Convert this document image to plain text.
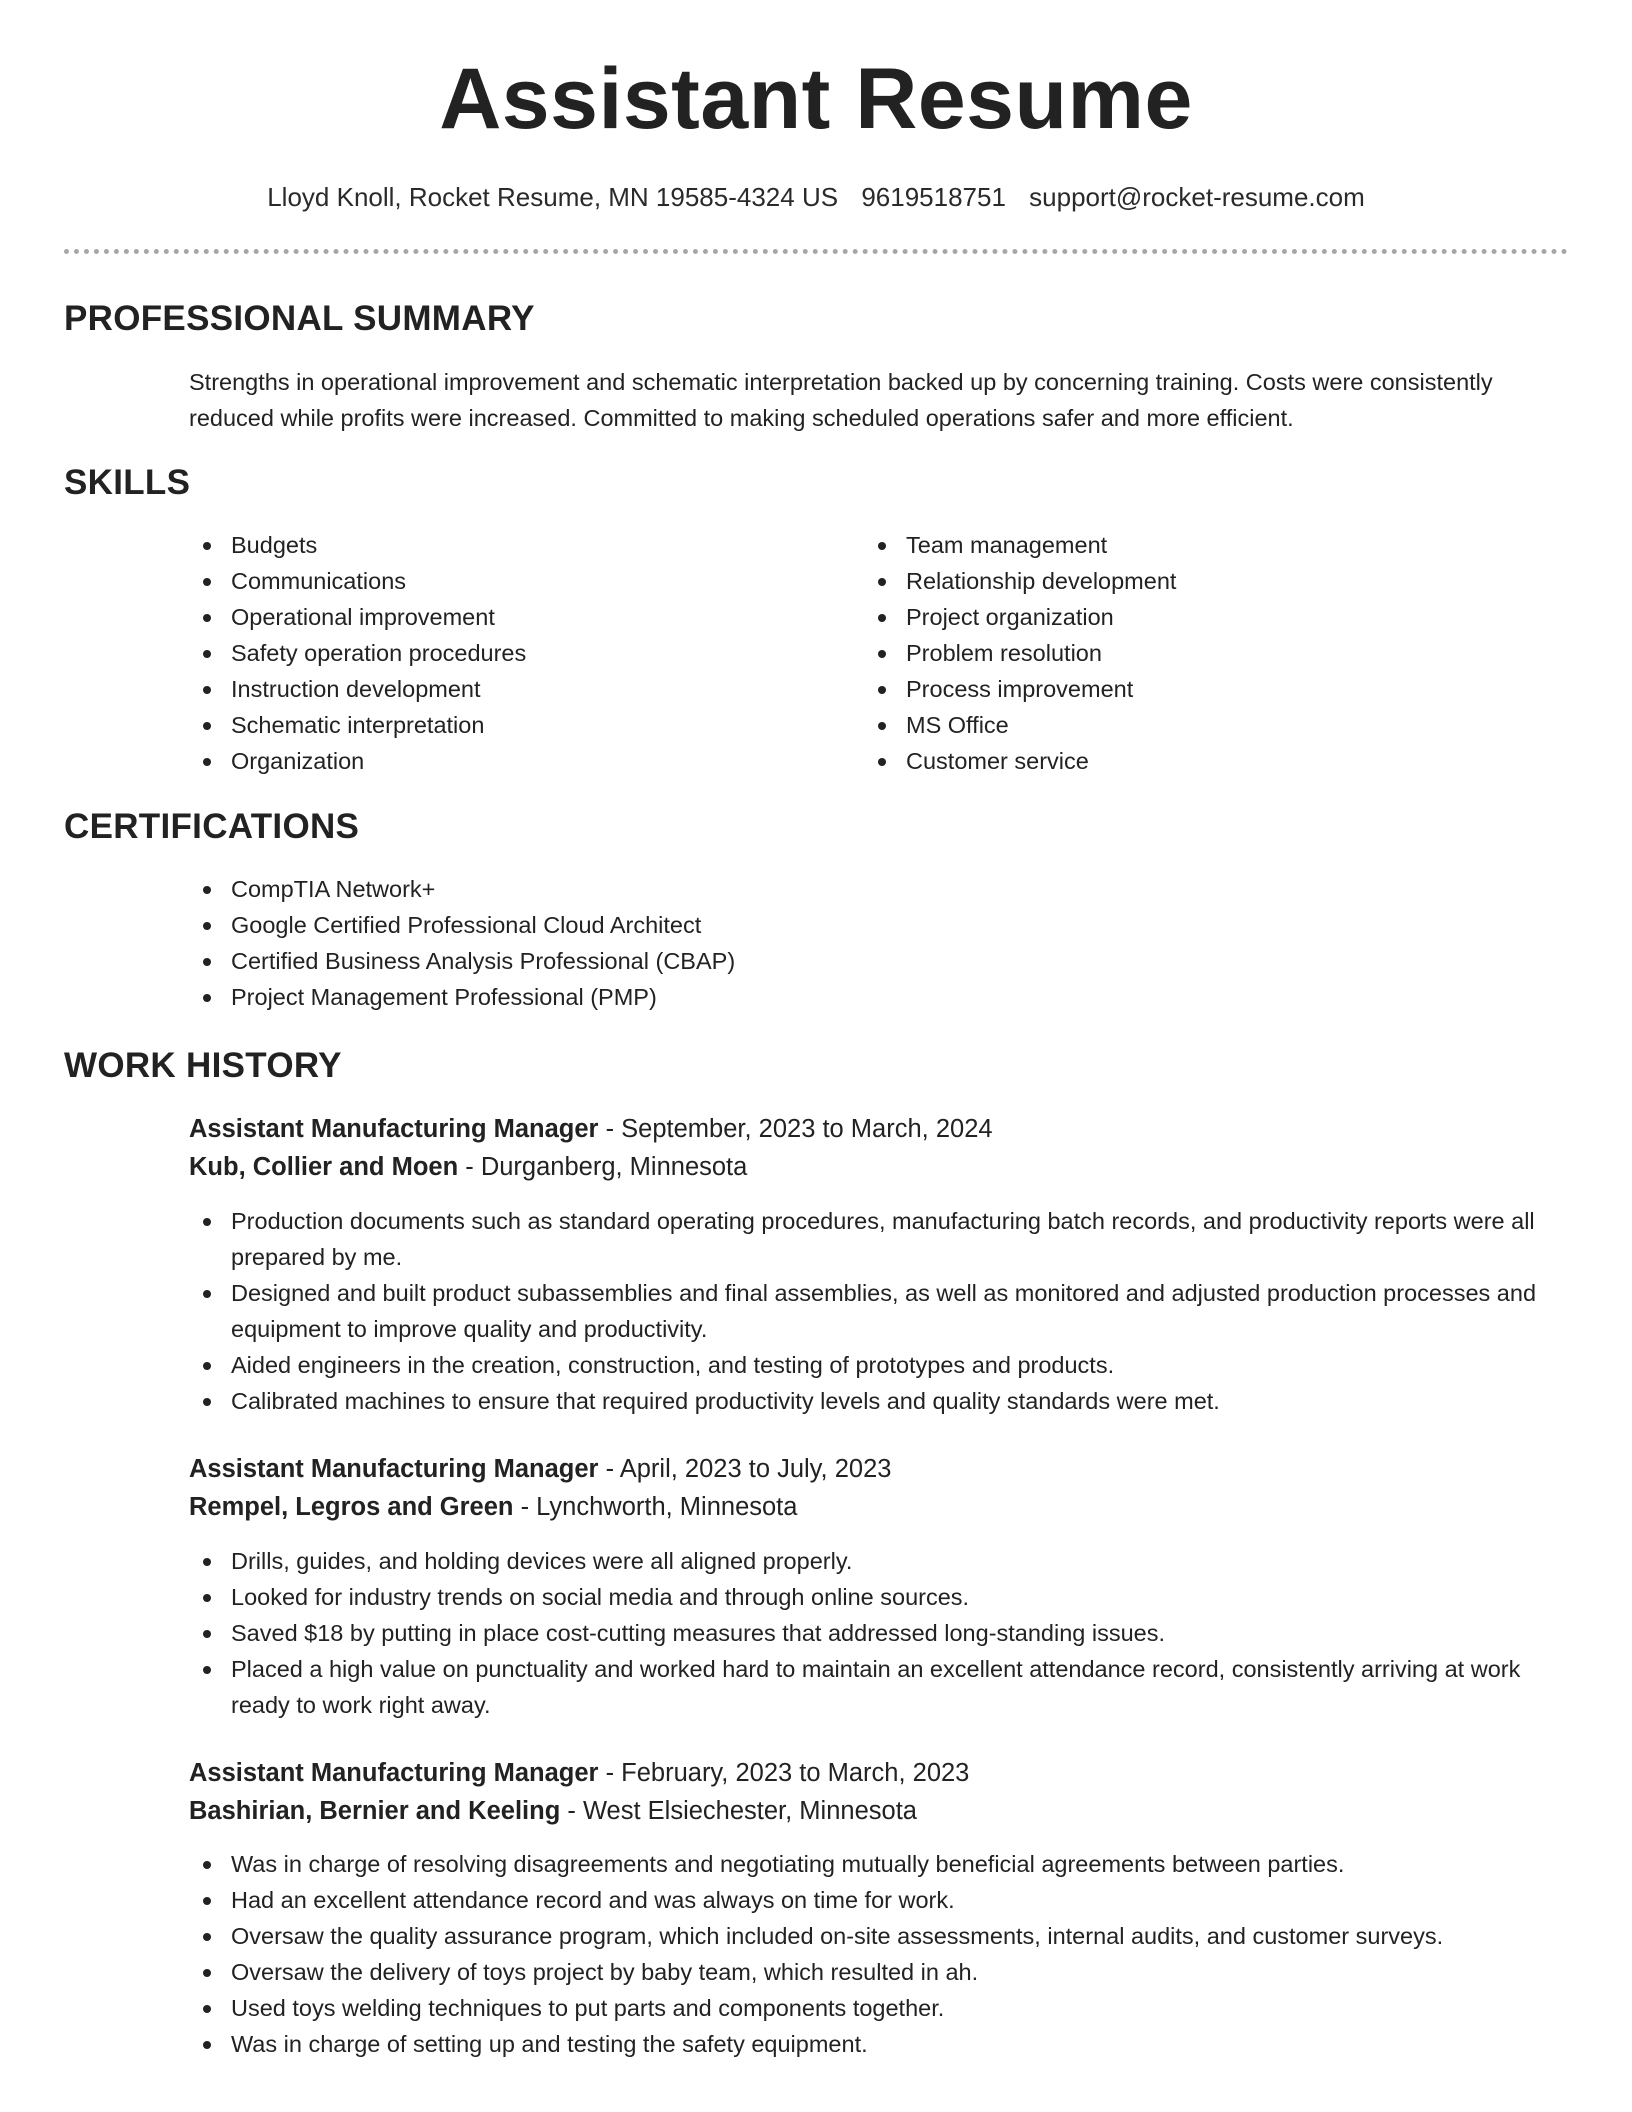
Assistant Resume
Lloyd Knoll, Rocket Resume, MN 19585-4324 US 9619518751 support@rocket-resume.com
PROFESSIONAL SUMMARY
Strengths in operational improvement and schematic interpretation backed up by concerning training. Costs were consistently reduced while profits were increased. Committed to making scheduled operations safer and more efficient.
SKILLS
Budgets
Communications
Operational improvement
Safety operation procedures
Instruction development
Schematic interpretation
Organization
Team management
Relationship development
Project organization
Problem resolution
Process improvement
MS Office
Customer service
CERTIFICATIONS
CompTIA Network+
Google Certified Professional Cloud Architect
Certified Business Analysis Professional (CBAP)
Project Management Professional (PMP)
WORK HISTORY
Assistant Manufacturing Manager - September, 2023 to March, 2024
Kub, Collier and Moen - Durganberg, Minnesota
Production documents such as standard operating procedures, manufacturing batch records, and productivity reports were all prepared by me.
Designed and built product subassemblies and final assemblies, as well as monitored and adjusted production processes and equipment to improve quality and productivity.
Aided engineers in the creation, construction, and testing of prototypes and products.
Calibrated machines to ensure that required productivity levels and quality standards were met.
Assistant Manufacturing Manager - April, 2023 to July, 2023
Rempel, Legros and Green - Lynchworth, Minnesota
Drills, guides, and holding devices were all aligned properly.
Looked for industry trends on social media and through online sources.
Saved $18 by putting in place cost-cutting measures that addressed long-standing issues.
Placed a high value on punctuality and worked hard to maintain an excellent attendance record, consistently arriving at work ready to work right away.
Assistant Manufacturing Manager - February, 2023 to March, 2023
Bashirian, Bernier and Keeling - West Elsiechester, Minnesota
Was in charge of resolving disagreements and negotiating mutually beneficial agreements between parties.
Had an excellent attendance record and was always on time for work.
Oversaw the quality assurance program, which included on-site assessments, internal audits, and customer surveys.
Oversaw the delivery of toys project by baby team, which resulted in ah.
Used toys welding techniques to put parts and components together.
Was in charge of setting up and testing the safety equipment.
